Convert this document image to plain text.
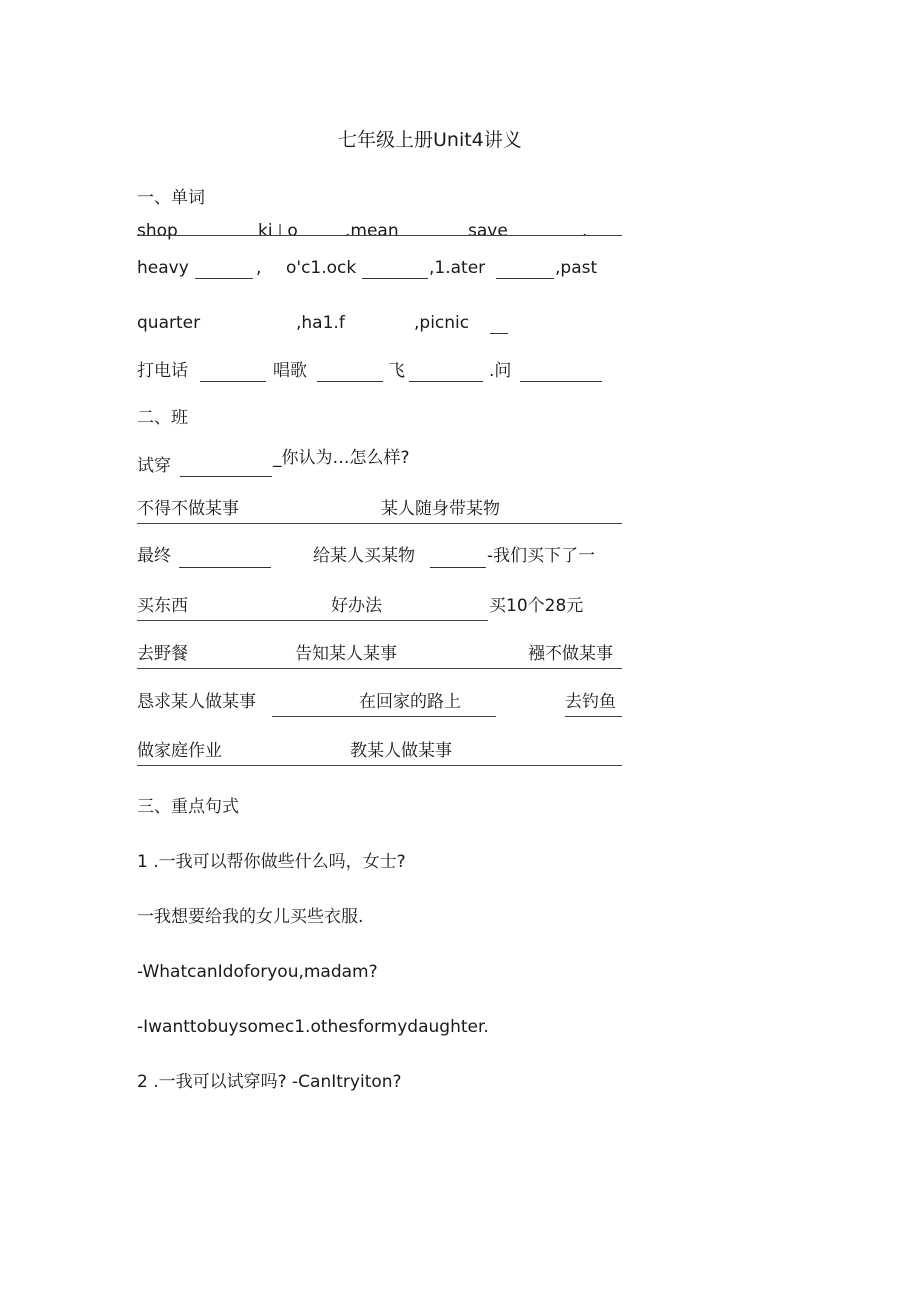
七年级上册Unit4讲义
一、单词
shop	ki⊥o	.mean	save	.
heavy	, o'c1.ock	,1.ater	,past
quarter	,ha1.f	,picnic
打电话	唱歌	飞	.问
二、班
试穿	_你认为…怎么样?
不得不做某事	某人随身带某物
最终	给某人买某物	-我们买下了一
买东西	好办法	买10个28元
去野餐	告知某人某事	襁不做某事
恳求某人做某事	在回家的路上	去钓鱼
做家庭作业	教某人做某事
三、重点句式
1 .一我可以帮你做些什么吗，女士?
一我想要给我的女儿买些衣服.
-WhatcanIdoforyou,madam?
-Iwanttobuysomec1.othesformydaughter.
2 .一我可以试穿吗? -CanItryiton?
